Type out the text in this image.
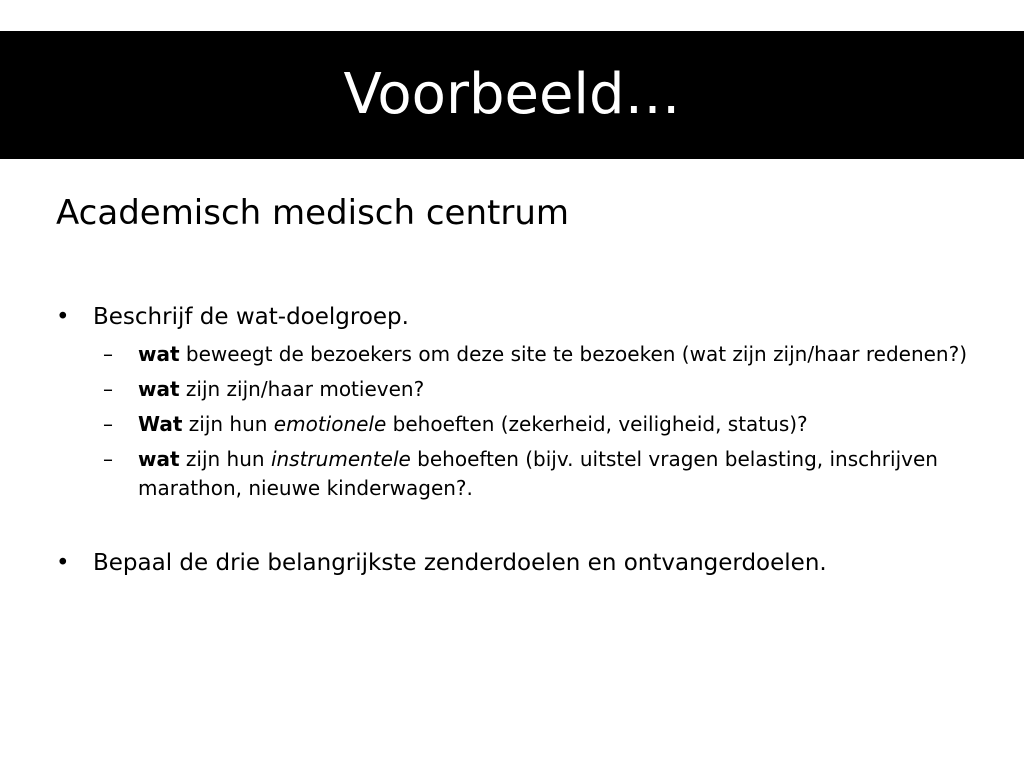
Voorbeeld…
Academisch medisch centrum
• Beschrijf de wat-doelgroep.
– wat beweegt de bezoekers om deze site te bezoeken (wat zijn zijn/haar redenen?)
– wat zijn zijn/haar motieven?
– Wat zijn hun emotionele behoeften (zekerheid, veiligheid, status)?
– wat zijn hun instrumentele behoeften (bijv. uitstel vragen belasting, inschrijven marathon, nieuwe kinderwagen?.
• Bepaal de drie belangrijkste zenderdoelen en ontvangerdoelen.
